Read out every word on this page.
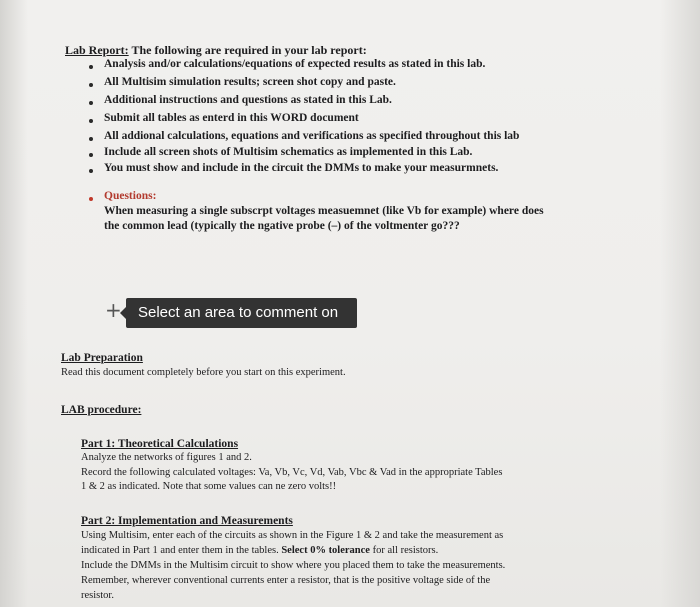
Lab Report: The following are required in your lab report:
Analysis and/or calculations/equations of expected results as stated in this lab.
All Multisim simulation results; screen shot copy and paste.
Additional instructions and questions as stated in this Lab.
Submit all tables as enterd in this WORD document
All addional calculations, equations and verifications as specified throughout this lab
Include all screen shots of Multisim schematics as implemented in this Lab.
You must show and include in the circuit the DMMs to make your measurmnets.
Questions:
When measuring a single subscrpt voltages measuemnet (like Vb for example) where does
the common lead (typically the ngative probe (–) of the voltmenter go???
+	Select an area to comment on
Lab Preparation
Read this document completely before you start on this experiment.
LAB procedure:
Part 1: Theoretical Calculations
Analyze the networks of figures 1 and 2.
Record the following calculated voltages: Va, Vb, Vc, Vd, Vab, Vbc & Vad in the appropriate Tables
1 & 2 as indicated. Note that some values can ne zero volts!!
Part 2: Implementation and Measurements
Using Multisim, enter each of the circuits as shown in the Figure 1 & 2 and take the measurement as
indicated in Part 1 and enter them in the tables. Select 0% tolerance for all resistors.
Include the DMMs in the Multisim circuit to show where you placed them to take the measurements.
Remember, wherever conventional currents enter a resistor, that is the positive voltage side of the
resistor.
